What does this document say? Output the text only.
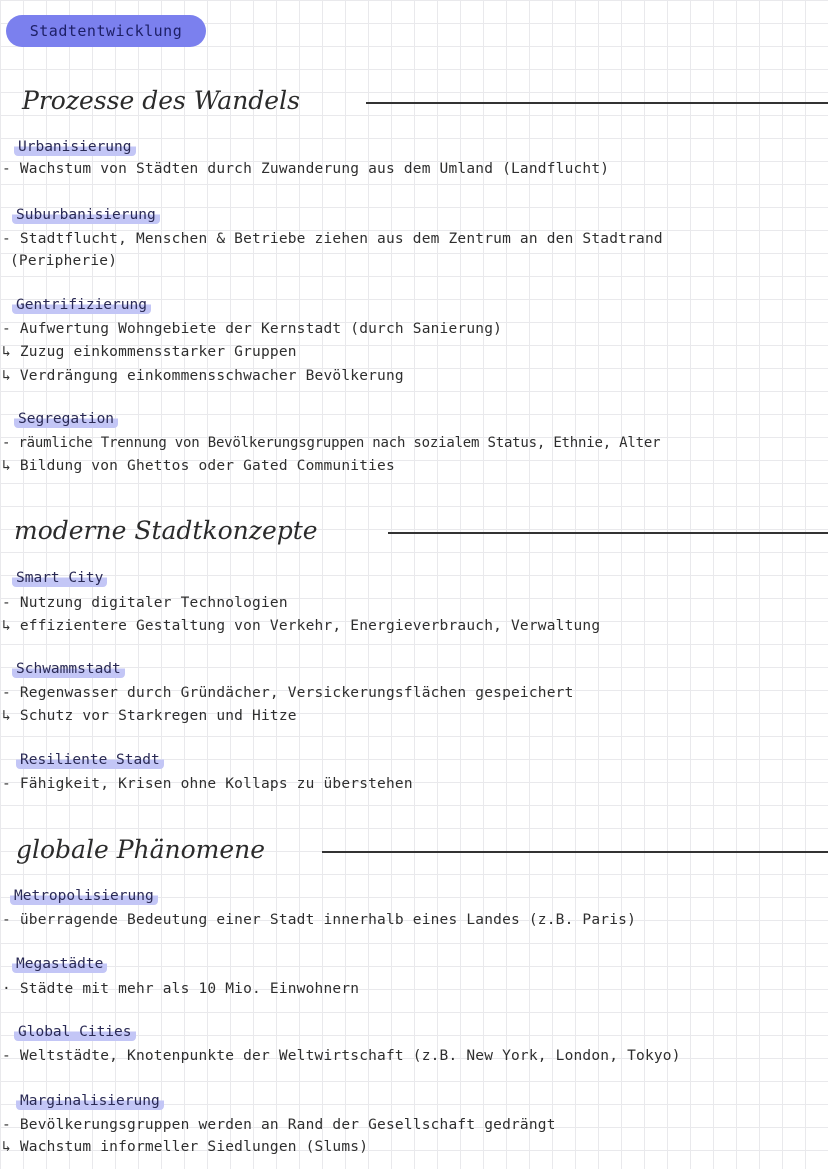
Stadtentwicklung
Prozesse des Wandels
Urbanisierung
- Wachstum von Städten durch Zuwanderung aus dem Umland (Landflucht)
Suburbanisierung
- Stadtflucht, Menschen & Betriebe ziehen aus dem Zentrum an den Stadtrand
(Peripherie)
Gentrifizierung
- Aufwertung Wohngebiete der Kernstadt (durch Sanierung)
↳ Zuzug einkommensstarker Gruppen
↳ Verdrängung einkommensschwacher Bevölkerung
Segregation
- räumliche Trennung von Bevölkerungsgruppen nach sozialem Status, Ethnie, Alter
↳ Bildung von Ghettos oder Gated Communities
moderne Stadtkonzepte
Smart City
- Nutzung digitaler Technologien
↳ effizientere Gestaltung von Verkehr, Energieverbrauch, Verwaltung
Schwammstadt
- Regenwasser durch Gründächer, Versickerungsflächen gespeichert
↳ Schutz vor Starkregen und Hitze
Resiliente Stadt
- Fähigkeit, Krisen ohne Kollaps zu überstehen
globale Phänomene
Metropolisierung
- überragende Bedeutung einer Stadt innerhalb eines Landes (z.B. Paris)
Megastädte
· Städte mit mehr als 10 Mio. Einwohnern
Global Cities
- Weltstädte, Knotenpunkte der Weltwirtschaft (z.B. New York, London, Tokyo)
Marginalisierung
- Bevölkerungsgruppen werden an Rand der Gesellschaft gedrängt
↳ Wachstum informeller Siedlungen (Slums)
